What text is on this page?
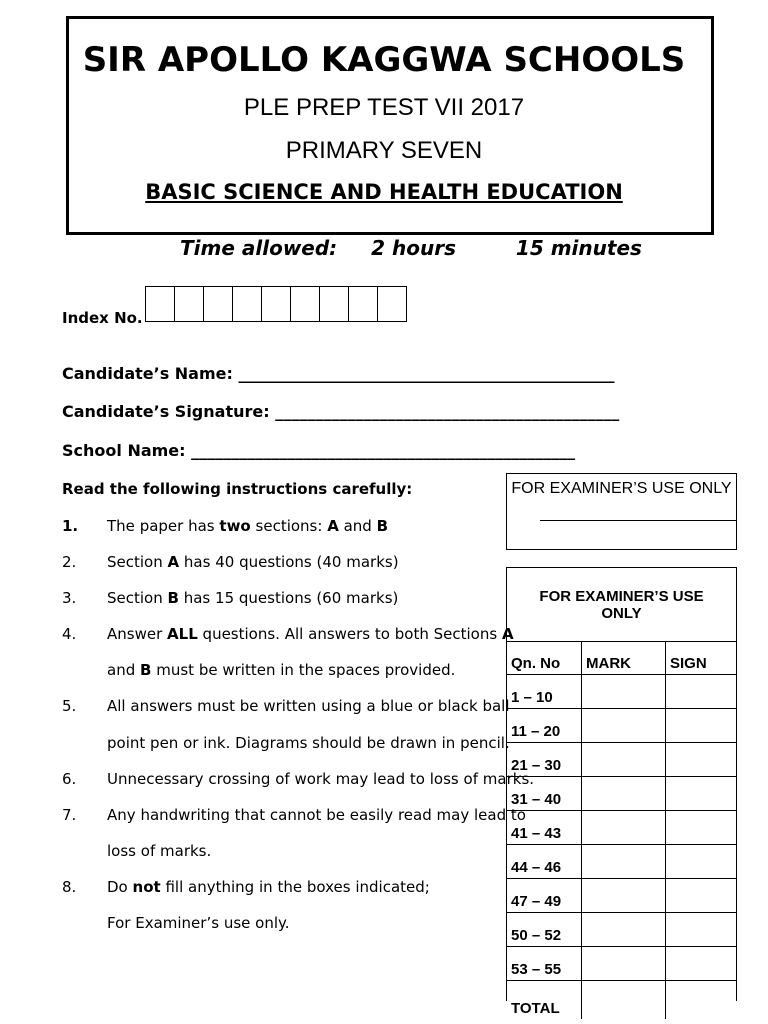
SIR APOLLO KAGGWA SCHOOLS
PLE PREP TEST VII 2017
PRIMARY SEVEN
BASIC SCIENCE AND HEALTH EDUCATION
Time allowed: 2 hours	15 minutes
Index No.
Candidate’s Name: _______________________________________________
Candidate’s Signature: ___________________________________________
School Name: ________________________________________________
Read the following instructions carefully:
1. The paper has two sections: A and B
2. Section A has 40 questions (40 marks)
3. Section B has 15 questions (60 marks)
4. Answer ALL questions. All answers to both Sections A
and B must be written in the spaces provided.
5. All answers must be written using a blue or black ball
point pen or ink. Diagrams should be drawn in pencil.
6. Unnecessary crossing of work may lead to loss of marks.
7. Any handwriting that cannot be easily read may lead to
loss of marks.
8. Do not fill anything in the boxes indicated;
For Examiner’s use only.
FOR EXAMINER’S USE ONLY
FOR EXAMINER’S USE ONLY
Qn. No	MARK	SIGN
1 – 10		
11 – 20		
21 – 30		
31 – 40		
41 – 43		
44 – 46		
47 – 49		
50 – 52		
53 – 55		
TOTAL		
